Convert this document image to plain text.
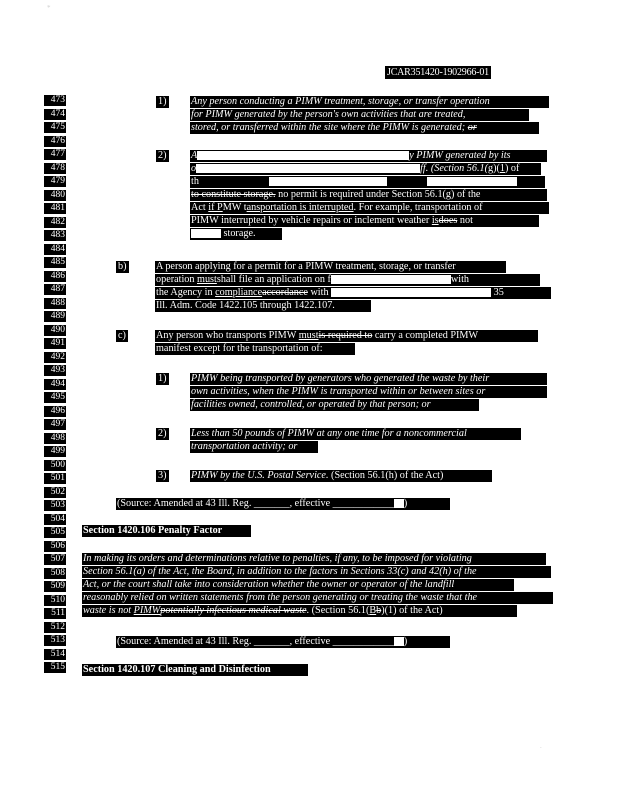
*
.
JCAR351420-1902966-01
473
474
475
476
477
478
479
480
481
482
483
484
485
486
487
488
489
490
491
492
493
494
495
496
497
498
499
500
501
502
503
504
505
506
507
508
509
510
511
512
513
514
515
1) Any person conducting a PIMW treatment, storage, or transfer operation
for PIMW generated by the person's own activities that are treated,
stored, or transferred within the site where the PIMW is generated; or
2) A	y PIMW generated by its
o	ff. (Section 56.1(g)(1) of
th
to constitute storage. no permit is required under Section 56.1(g) of the
Act if PMW tansportation is interrupted. For example, transportation of
PIMW interrupted by vehicle repairs or inclement weather isdoes not
storage.
b)	A person applying for a permit for a PIMW treatment, storage, or transfer
operation mustshall file an application on f	with
the Agency in complianceaccordance with	35
Ill. Adm. Code 1422.105 through 1422.107.
c)	Any person who transports PIMW mustis required to carry a completed PIMW
manifest except for the transportation of:
1) PIMW being transported by generators who generated the waste by their
own activities, when the PIMW is transported within or between sites or
facilities owned, controlled, or operated by that person; or
2) Less than 50 pounds of PIMW at any one time for a noncommercial
transportation activity; or
3) PIMW by the U.S. Postal Service. (Section 56.1(h) of the Act)
(Source: Amended at 43 Ill. Reg. _______, effective ____________ )
Section 1420.106 Penalty Factor
In making its orders and determinations relative to penalties, if any, to be imposed for violating
Section 56.1(a) of the Act, the Board, in addition to the factors in Sections 33(c) and 42(h) of the
Act, or the court shall take into consideration whether the owner or operator of the landfill
reasonably relied on written statements from the person generating or treating the waste that the
waste is not PIMWpotentially infectious medical waste. (Section 56.1(Bb)(1) of the Act)
(Source: Amended at 43 Ill. Reg. _______, effective ____________ )
Section 1420.107 Cleaning and Disinfection
